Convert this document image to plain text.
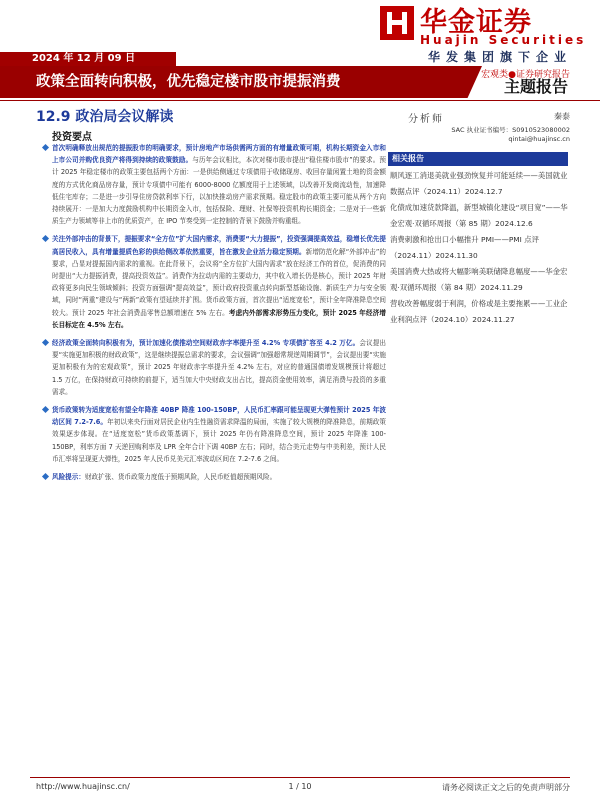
华金证券
Huajin Securities
华发集团旗下企业
2024 年 12 月 09 日
宏观类●证券研究报告
政策全面转向积极，优先稳定楼市股市提振消费	主题报告
12.9 政治局会议解读
投资要点
首次明确释放出规范的提振股市的明确要求，预计房地产市场供需两方面的有增量政策可期，机构长期资金入市和上市公司并购优良资产将得到持续的政策鼓励。与历年会议相比，本次对楼市股市提出“稳住楼市股市”的要求。预计 2025 年稳定楼市的政策主要包括两个方面：一是供给侧通过专项债用于收储现房、收回存量闲置土地的资金额度的方式优化商品房存量，预计专项债中可能有 6000-8000 亿额度用于上述领域，以改善开发商流动性，加速降低住宅库存；二是进一步引导住房贷款利率下行，以加快推动房产需求预期。稳定股市的政策主要可能从两个方向持续展开：一是加大力度鼓励机构中长期资金入市，包括保险、理财、社保等投资机构长期资金；二是对于一些新质生产力领域等非上市的优质资产，在 IPO 节奏受到一定控制的背景下鼓励并购重组。
关注外部冲击的背景下，提振要求“全方位”扩大国内需求，消费要“大力提振”，投资强调提高效益，稳增长优先提高居民收入，具有增量提质色彩的供给侧改革依然重要，旨在激发企业活力稳定预期。新增防范化解“外部冲击”的要求，凸显对提振国内需求的重视。在此背景下，会议将“全方位扩大国内需求”放在经济工作的首位，促消费的同时提出“大力提振消费，提高投资效益”。消费作为拉动内需的主要动力，其中收入增长仍是核心，预计 2025 年财政将更多向民生领域倾斜；投资方面强调“提高效益”，预计政府投资重点转向新型基础设施、新质生产力与安全领域，同时“两重”建设与“两新”政策有望延续并扩围。货币政策方面，首次提出“适度宽松”，预计全年降准降息空间较大。预计 2025 年社会消费品零售总额增速在 5% 左右。考虑内外部需求形势压力变化，预计 2025 年经济增长目标定在 4.5% 左右。
经济政策全面转向积极有为，预计加速化债推动空间财政赤字率提升至 4.2% 专项债扩容至 4.2 万亿。会议提出要“实施更加积极的财政政策”，这是继续提振总需求的要求，会议强调“加强超常规逆周期调节”，会议提出要“实施更加积极有为的宏观政策”，预计 2025 年财政赤字率提升至 4.2% 左右，对应的普通国债增发规模预计将超过 1.5 万亿，在保持财政可持续的前提下，适当加大中央财政支出占比，提高资金使用效率，满足消费与投资的多重需求。
货币政策转为适度宽松有望全年降准 40BP 降准 100-150BP，人民币汇率跟可能呈现更大弹性预计 2025 年波动区间 7.2-7.6。年初以来央行面对居民企业内生性融资需求降温的局面，实施了较大规模的降准降息，前期政策效果逐步体现。在“适度宽松”货币政策基调下，预计 2025 年仍有降准降息空间，预计 2025 年降准 100-150BP，利率方面 7 天逆回购利率及 LPR 全年合计下调 40BP 左右；同时，结合美元走势与中美利差，预计人民币汇率将呈现更大弹性，2025 年人民币兑美元汇率波动区间在 7.2-7.6 之间。
风险提示：财政扩张、货币政策力度低于预期风险，人民币贬值超预期风险。
分析师	秦泰
SAC 执业证书编号：S0910523080002
qintai@huajinsc.cn
相关报告

顺风逐工消退美就业强劲恢复并可能延续——美国就业数据点评（2024.11）2024.12.7

化债成加速货款降温，新型城镇化建设“项目宽”——华金宏观·双循环周报（第 85 期）2024.12.6

消费刺激和抢出口小幅推升 PMI——PMI 点评（2024.11）2024.11.30

美国消费大热或将大幅影响美联储降息幅度——华金宏观·双循环周报（第 84 期）2024.11.29

营收改善幅度弱于利润，价格或是主要拖累——工业企业利润点评（2024.10）2024.11.27

http://www.huajinsc.cn/	1 / 10	请务必阅读正文之后的免责声明部分
